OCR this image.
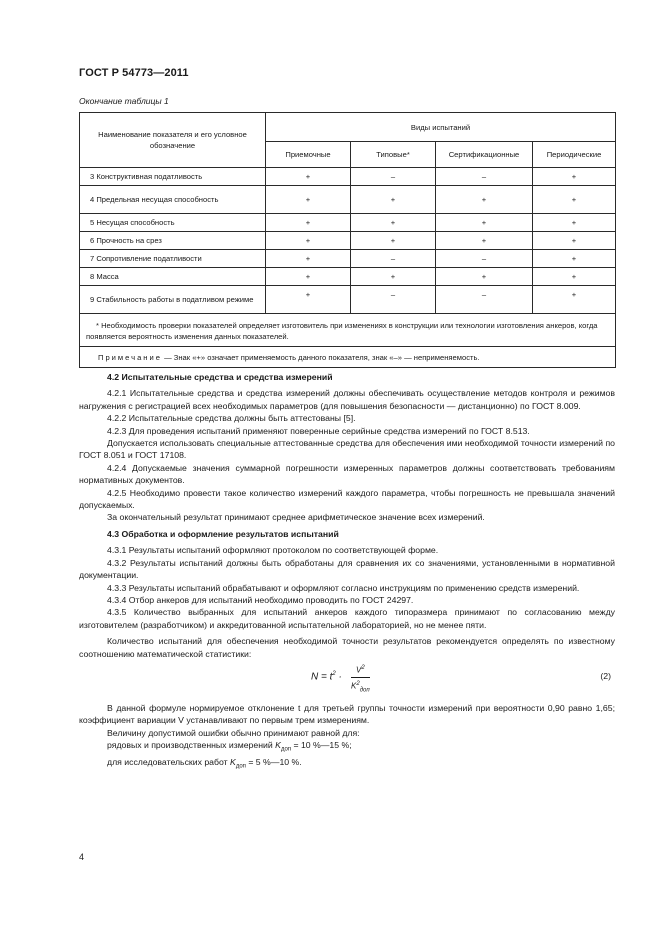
ГОСТ Р 54773—2011
Окончание таблицы 1
Наименование показателя и его условное обозначение	Виды испытаний			
	Приемочные	Типовые*	Сертификационные	Периодические
3 Конструктивная податливость	+	–	–	+
4 Предельная несущая способность	+	+	+	+
5 Несущая способность	+	+	+	+
6 Прочность на срез	+	+	+	+
7 Сопротивление податливости	+	–	–	+
8 Масса	+	+	+	+
9 Стабильность работы в податливом режиме	+	–	–	+

* Необходимость проверки показателей определяет изготовитель при изменениях в конструкции или технологии изготовления анкеров, когда появляется вероятность изменения данных показателей.				

Примечание — Знак «+» означает применяемость данного показателя, знак «–» — неприменяемость.				

4.2 Испытательные средства и средства измерений

4.2.1 Испытательные средства и средства измерений должны обеспечивать осуществление методов контроля и режимов нагружения с регистрацией всех необходимых параметров (для повышения безопасности — дистанционно) по ГОСТ 8.009.

4.2.2 Испытательные средства должны быть аттестованы [5].

4.2.3 Для проведения испытаний применяют поверенные серийные средства измерений по ГОСТ 8.513.

Допускается использовать специальные аттестованные средства для обеспечения ими необходимой точности измерений по ГОСТ 8.051 и ГОСТ 17108.

4.2.4 Допускаемые значения суммарной погрешности измеренных параметров должны соответствовать требованиям нормативных документов.

4.2.5 Необходимо провести такое количество измерений каждого параметра, чтобы погрешность не превышала значений допускаемых.

За окончательный результат принимают среднее арифметическое значение всех измерений.

4.3 Обработка и оформление результатов испытаний

4.3.1 Результаты испытаний оформляют протоколом по соответствующей форме.

4.3.2 Результаты испытаний должны быть обработаны для сравнения их со значениями, установленными в нормативной документации.

4.3.3 Результаты испытаний обрабатывают и оформляют согласно инструкциям по применению средств измерений.

4.3.4 Отбор анкеров для испытаний необходимо проводить по ГОСТ 24297.

4.3.5 Количество выбранных для испытаний анкеров каждого типоразмера принимают по согласованию между изготовителем (разработчиком) и аккредитованной испытательной лабораторией, но не менее пяти.

Количество испытаний для обеспечения необходимой точности результатов рекомендуется определять по известному соотношению математической статистики:

$N = t^2$ ·
$V^2$
$K^2_{доп}$
(2)

В данной формуле нормируемое отклонение t для третьей группы точности измерений при вероятности 0,90 равно 1,65; коэффициент вариации V устанавливают по первым трем измерениям.

Величину допустимой ошибки обычно принимают равной для:

рядовых и производственных измерений $K_{доп} = 10$ %—15 %;

для исследовательских работ $K_{доп} = 5$ %—10 %.

4
